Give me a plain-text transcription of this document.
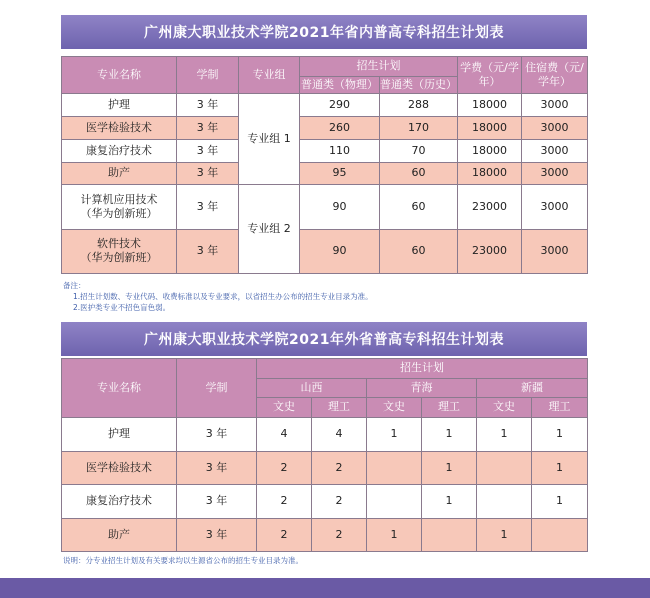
广州康大职业技术学院2021年省内普高专科招生计划表
专业名称	学制	专业组	招生计划		学费（元/学年）	住宿费（元/学年）
			普通类（物理）	普通类（历史）		
护理	3 年	专业组 1	290	288	18000	3000
医学检验技术	3 年		260	170	18000	3000
康复治疗技术	3 年		110	70	18000	3000
助产	3 年		95	60	18000	3000
计算机应用技术
（华为创新班）	3 年	专业组 2	90	60	23000	3000
软件技术
（华为创新班）	3 年		90	60	23000	3000
备注：
1.招生计划数、专业代码、收费标准以及专业要求，以省招生办公布的招生专业目录为准。
2.医护类专业不招色盲色弱。
广州康大职业技术学院2021年外省普高专科招生计划表
专业名称	学制	招生计划					
		山西		青海		新疆	
		文史	理工	文史	理工	文史	理工
护理	3 年	4	4	1	1	1	1
医学检验技术	3 年	2	2		1		1
康复治疗技术	3 年	2	2		1		1
助产	3 年	2	2	1		1	
说明：分专业招生计划及有关要求均以生源省公布的招生专业目录为准。
